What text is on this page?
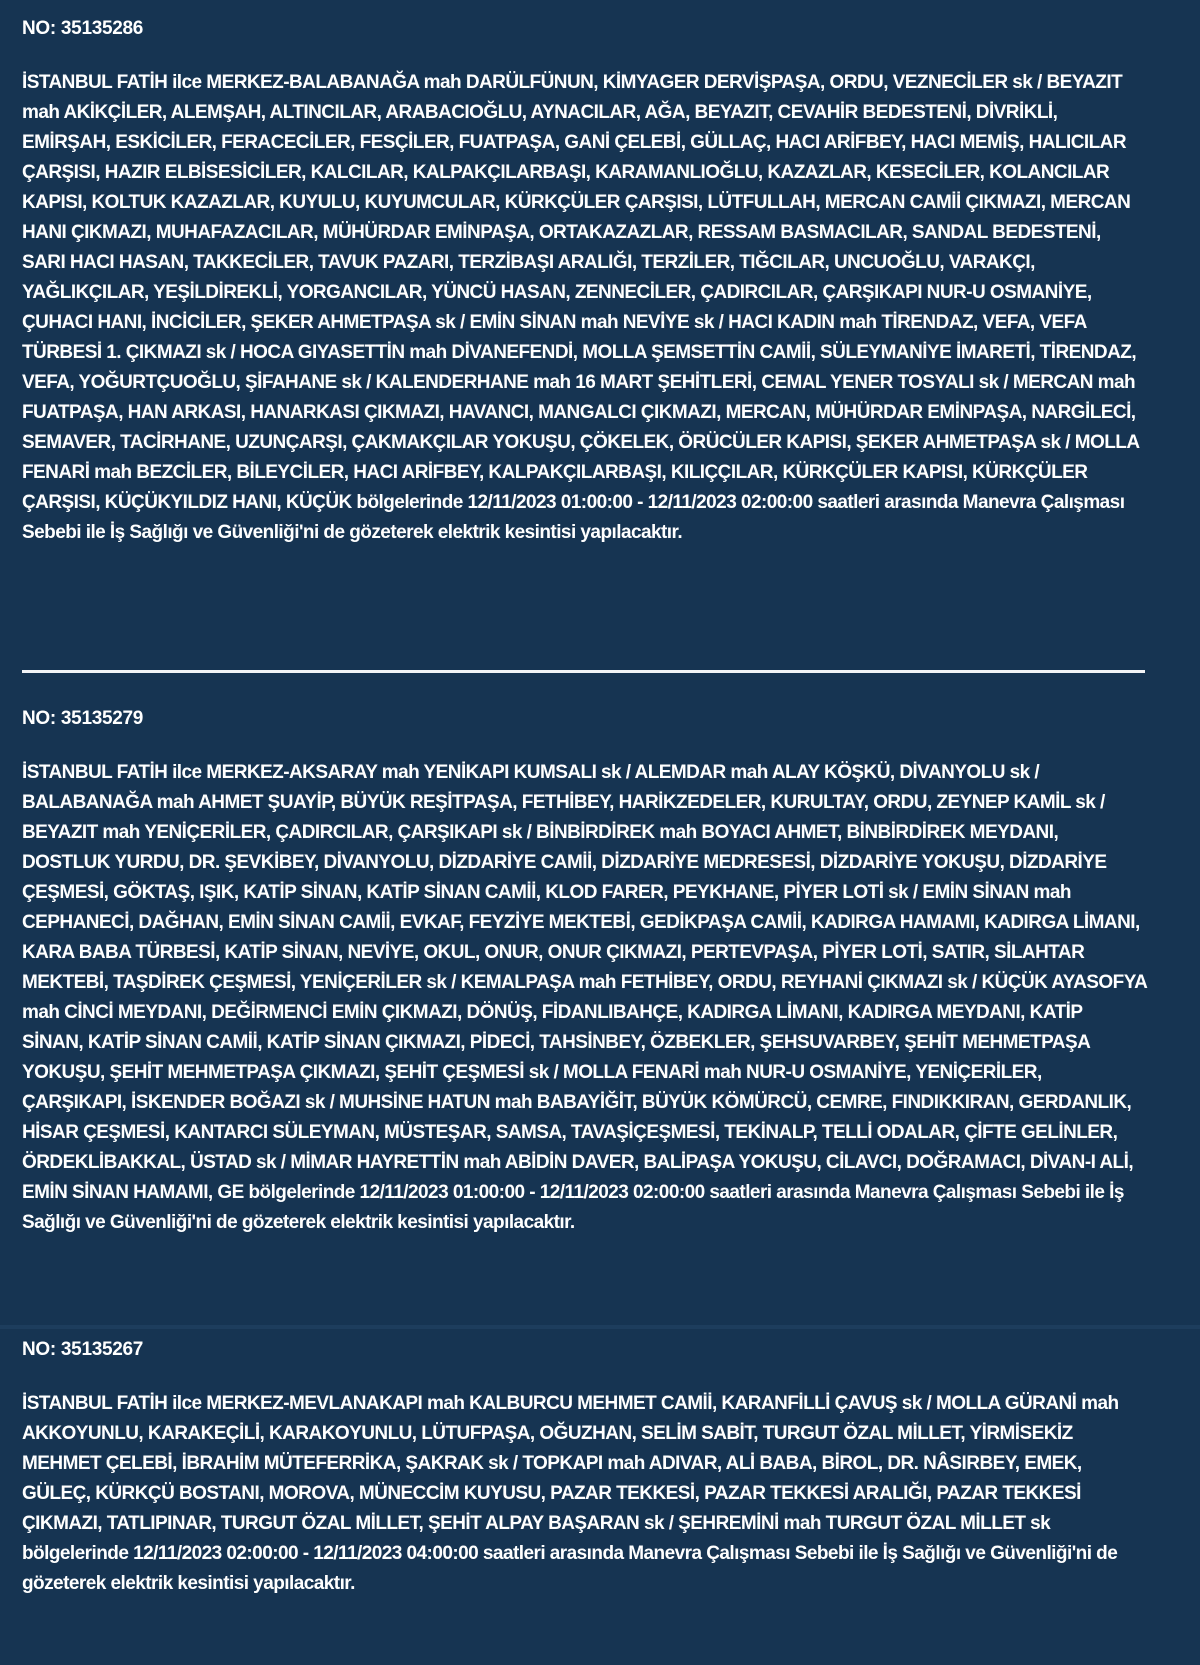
NO: 35135286

İSTANBUL FATİH ilce MERKEZ-BALABANAĞA mah DARÜLFÜNUN, KİMYAGER DERVİŞPAŞA, ORDU, VEZNECİLER sk / BEYAZIT mah AKİKÇİLER, ALEMŞAH, ALTINCILAR, ARABACIOĞLU, AYNACILAR, AĞA, BEYAZIT, CEVAHİR BEDESTENİ, DİVRİKLİ, EMİRŞAH, ESKİCİLER, FERACECİLER, FESÇİLER, FUATPAŞA, GANİ ÇELEBİ, GÜLLAÇ, HACI ARİFBEY, HACI MEMİŞ, HALICILAR ÇARŞISI, HAZIR ELBİSESİCİLER, KALCILAR, KALPAKÇILARBAŞI, KARAMANLIOĞLU, KAZAZLAR, KESECİLER, KOLANCILAR KAPISI, KOLTUK KAZAZLAR, KUYULU, KUYUMCULAR, KÜRKÇÜLER ÇARŞISI, LÜTFULLAH, MERCAN CAMİİ ÇIKMAZI, MERCAN HANI ÇIKMAZI, MUHAFAZACILAR, MÜHÜRDAR EMİNPAŞA, ORTAKAZAZLAR, RESSAM BASMACILAR, SANDAL BEDESTENİ, SARI HACI HASAN, TAKKECİLER, TAVUK PAZARI, TERZİBAŞI ARALIĞI, TERZİLER, TIĞCILAR, UNCUOĞLU, VARAKÇI, YAĞLIKÇILAR, YEŞİLDİREKLİ, YORGANCILAR, YÜNCÜ HASAN, ZENNECİLER, ÇADIRCILAR, ÇARŞIKAPI NUR-U OSMANİYE, ÇUHACI HANI, İNCİCİLER, ŞEKER AHMETPAŞA sk / EMİN SİNAN mah NEVİYE sk / HACI KADIN mah TİRENDAZ, VEFA, VEFA TÜRBESİ 1. ÇIKMAZI sk / HOCA GIYASETTİN mah DİVANEFENDİ, MOLLA ŞEMSETTİN CAMİİ, SÜLEYMANİYE İMARETİ, TİRENDAZ, VEFA, YOĞURTÇUOĞLU, ŞİFAHANE sk / KALENDERHANE mah 16 MART ŞEHİTLERİ, CEMAL YENER TOSYALI sk / MERCAN mah FUATPAŞA, HAN ARKASI, HANARKASI ÇIKMAZI, HAVANCI, MANGALCI ÇIKMAZI, MERCAN, MÜHÜRDAR EMİNPAŞA, NARGİLECİ, SEMAVER, TACİRHANE, UZUNÇARŞI, ÇAKMAKÇILAR YOKUŞU, ÇÖKELEK, ÖRÜCÜLER KAPISI, ŞEKER AHMETPAŞA sk / MOLLA FENARİ mah BEZCİLER, BİLEYCİLER, HACI ARİFBEY, KALPAKÇILARBAŞI, KILIÇÇILAR, KÜRKÇÜLER KAPISI, KÜRKÇÜLER ÇARŞISI, KÜÇÜKYILDIZ HANI, KÜÇÜK bölgelerinde 12/11/2023 01:00:00 - 12/11/2023 02:00:00 saatleri arasında Manevra Çalışması Sebebi ile İş Sağlığı ve Güvenliği'ni de gözeterek elektrik kesintisi yapılacaktır.

NO: 35135279

İSTANBUL FATİH ilce MERKEZ-AKSARAY mah YENİKAPI KUMSALI sk / ALEMDAR mah ALAY KÖŞKÜ, DİVANYOLU sk / BALABANAĞA mah AHMET ŞUAYİP, BÜYÜK REŞİTPAŞA, FETHİBEY, HARİKZEDELER, KURULTAY, ORDU, ZEYNEP KAMİL sk / BEYAZIT mah YENİÇERİLER, ÇADIRCILAR, ÇARŞIKAPI sk / BİNBİRDİREK mah BOYACI AHMET, BİNBİRDİREK MEYDANI, DOSTLUK YURDU, DR. ŞEVKİBEY, DİVANYOLU, DİZDARİYE CAMİİ, DİZDARİYE MEDRESESİ, DİZDARİYE YOKUŞU, DİZDARİYE ÇEŞMESİ, GÖKTAŞ, IŞIK, KATİP SİNAN, KATİP SİNAN CAMİİ, KLOD FARER, PEYKHANE, PİYER LOTİ sk / EMİN SİNAN mah CEPHANECİ, DAĞHAN, EMİN SİNAN CAMİİ, EVKAF, FEYZİYE MEKTEBİ, GEDİKPAŞA CAMİİ, KADIRGA HAMAMI, KADIRGA LİMANI, KARA BABA TÜRBESİ, KATİP SİNAN, NEVİYE, OKUL, ONUR, ONUR ÇIKMAZI, PERTEVPAŞA, PİYER LOTİ, SATIR, SİLAHTAR MEKTEBİ, TAŞDİREK ÇEŞMESİ, YENİÇERİLER sk / KEMALPAŞA mah FETHİBEY, ORDU, REYHANİ ÇIKMAZI sk / KÜÇÜK AYASOFYA mah CİNCİ MEYDANI, DEĞİRMENCİ EMİN ÇIKMAZI, DÖNÜŞ, FİDANLIBAHÇE, KADIRGA LİMANI, KADIRGA MEYDANI, KATİP SİNAN, KATİP SİNAN CAMİİ, KATİP SİNAN ÇIKMAZI, PİDECİ, TAHSİNBEY, ÖZBEKLER, ŞEHSUVARBEY, ŞEHİT MEHMETPAŞA YOKUŞU, ŞEHİT MEHMETPAŞA ÇIKMAZI, ŞEHİT ÇEŞMESİ sk / MOLLA FENARİ mah NUR-U OSMANİYE, YENİÇERİLER, ÇARŞIKAPI, İSKENDER BOĞAZI sk / MUHSİNE HATUN mah BABAYİĞİT, BÜYÜK KÖMÜRCÜ, CEMRE, FINDIKKIRAN, GERDANLIK, HİSAR ÇEŞMESİ, KANTARCI SÜLEYMAN, MÜSTEŞAR, SAMSA, TAVAŞİÇEŞMESİ, TEKİNALP, TELLİ ODALAR, ÇİFTE GELİNLER, ÖRDEKLİBAKKAL, ÜSTAD sk / MİMAR HAYRETTİN mah ABİDİN DAVER, BALİPAŞA YOKUŞU, CİLAVCI, DOĞRAMACI, DİVAN-I ALİ, EMİN SİNAN HAMAMI, GE bölgelerinde 12/11/2023 01:00:00 - 12/11/2023 02:00:00 saatleri arasında Manevra Çalışması Sebebi ile İş Sağlığı ve Güvenliği'ni de gözeterek elektrik kesintisi yapılacaktır.

NO: 35135267

İSTANBUL FATİH ilce MERKEZ-MEVLANAKAPI mah KALBURCU MEHMET CAMİİ, KARANFİLLİ ÇAVUŞ sk / MOLLA GÜRANİ mah AKKOYUNLU, KARAKEÇİLİ, KARAKOYUNLU, LÜTUFPAŞA, OĞUZHAN, SELİM SABİT, TURGUT ÖZAL MİLLET, YİRMİSEKİZ MEHMET ÇELEBİ, İBRAHİM MÜTEFERRİKA, ŞAKRAK sk / TOPKAPI mah ADIVAR, ALİ BABA, BİROL, DR. NÂSIRBEY, EMEK, GÜLEÇ, KÜRKÇÜ BOSTANI, MOROVA, MÜNECCİM KUYUSU, PAZAR TEKKESİ, PAZAR TEKKESİ ARALIĞI, PAZAR TEKKESİ ÇIKMAZI, TATLIPINAR, TURGUT ÖZAL MİLLET, ŞEHİT ALPAY BAŞARAN sk / ŞEHREMİNİ mah TURGUT ÖZAL MİLLET sk bölgelerinde 12/11/2023 02:00:00 - 12/11/2023 04:00:00 saatleri arasında Manevra Çalışması Sebebi ile İş Sağlığı ve Güvenliği'ni de gözeterek elektrik kesintisi yapılacaktır.
